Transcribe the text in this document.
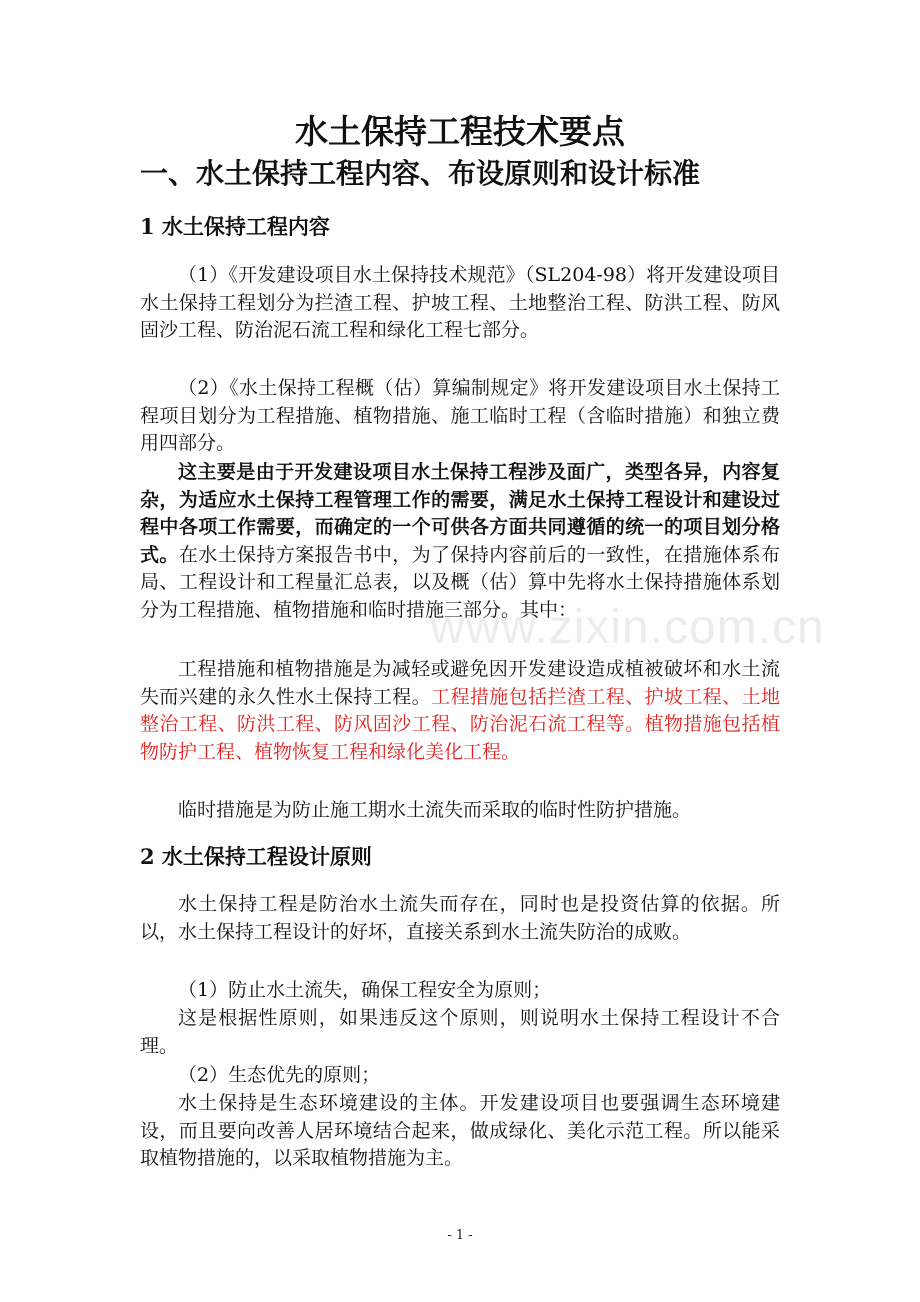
www.zixin.com.cn
水土保持工程技术要点
一、水土保持工程内容、布设原则和设计标准
1 水土保持工程内容

（1）《开发建设项目水土保持技术规范》（SL204-98）将开发建设项目水土保持工程划分为拦渣工程、护坡工程、土地整治工程、防洪工程、防风固沙工程、防治泥石流工程和绿化工程七部分。

（2）《水土保持工程概（估）算编制规定》将开发建设项目水土保持工程项目划分为工程措施、植物措施、施工临时工程（含临时措施）和独立费用四部分。

这主要是由于开发建设项目水土保持工程涉及面广，类型各异，内容复杂，为适应水土保持工程管理工作的需要，满足水土保持工程设计和建设过程中各项工作需要，而确定的一个可供各方面共同遵循的统一的项目划分格式。在水土保持方案报告书中，为了保持内容前后的一致性，在措施体系布局、工程设计和工程量汇总表，以及概（估）算中先将水土保持措施体系划分为工程措施、植物措施和临时措施三部分。其中：

工程措施和植物措施是为减轻或避免因开发建设造成植被破坏和水土流失而兴建的永久性水土保持工程。工程措施包括拦渣工程、护坡工程、土地整治工程、防洪工程、防风固沙工程、防治泥石流工程等。植物措施包括植物防护工程、植物恢复工程和绿化美化工程。

临时措施是为防止施工期水土流失而采取的临时性防护措施。

2 水土保持工程设计原则

水土保持工程是防治水土流失而存在，同时也是投资估算的依据。所以，水土保持工程设计的好坏，直接关系到水土流失防治的成败。

（1）防止水土流失，确保工程安全为原则；

这是根据性原则，如果违反这个原则，则说明水土保持工程设计不合理。

（2）生态优先的原则；

水土保持是生态环境建设的主体。开发建设项目也要强调生态环境建设，而且要向改善人居环境结合起来，做成绿化、美化示范工程。所以能采取植物措施的，以采取植物措施为主。

- 1 -
